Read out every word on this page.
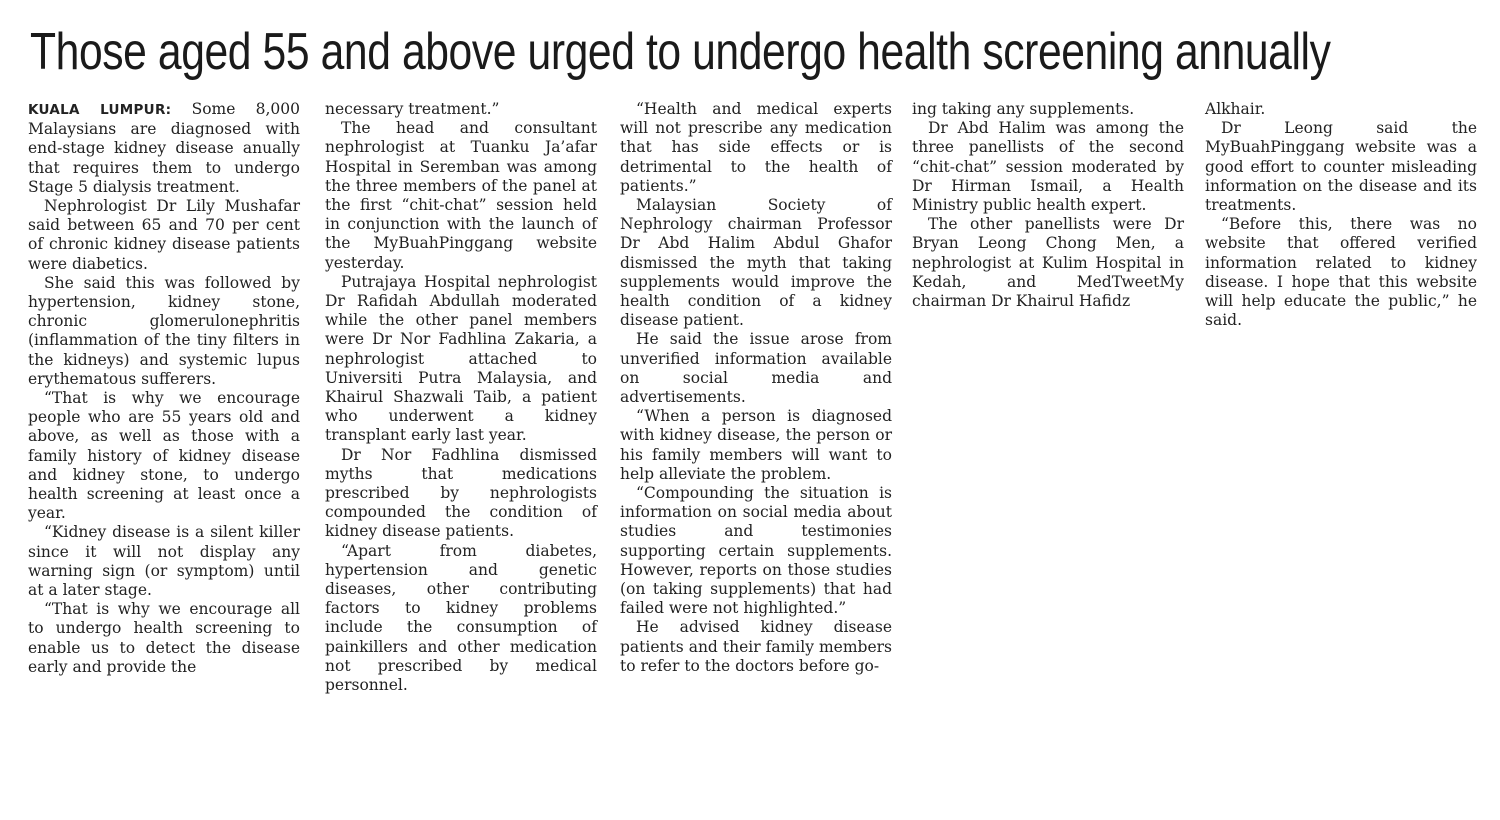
Those aged 55 and above urged to undergo health screening annually

KUALA LUMPUR: Some 8,000 Malaysians are diagnosed with end-stage kidney disease anually that requires them to undergo Stage 5 dialysis treatment.

Nephrologist Dr Lily Mushafar said between 65 and 70 per cent of chronic kidney disease patients were diabetics.

She said this was followed by hypertension, kidney stone, chronic glomerulonephritis (inflammation of the tiny filters in the kidneys) and systemic lupus erythematous sufferers.

“That is why we encourage people who are 55 years old and above, as well as those with a family history of kidney disease and kidney stone, to undergo health screening at least once a year.

“Kidney disease is a silent killer since it will not display any warning sign (or symptom) until at a later stage.

“That is why we encourage all to undergo health screening to enable us to detect the disease early and provide the

necessary treatment.”

The head and consultant nephrologist at Tuanku Ja’afar Hospital in Seremban was among the three members of the panel at the first “chit-chat” session held in conjunction with the launch of the MyBuahPinggang website yesterday.

Putrajaya Hospital nephrologist Dr Rafidah Abdullah moderated while the other panel members were Dr Nor Fadhlina Zakaria, a nephrologist attached to Universiti Putra Malaysia, and Khairul Shazwali Taib, a patient who underwent a kidney transplant early last year.

Dr Nor Fadhlina dismissed myths that medications prescribed by nephrologists compounded the condition of kidney disease patients.

“Apart from diabetes, hypertension and genetic diseases, other contributing factors to kidney problems include the consumption of painkillers and other medication not prescribed by medical personnel.

“Health and medical experts will not prescribe any medication that has side effects or is detrimental to the health of patients.”

Malaysian Society of Nephrology chairman Professor Dr Abd Halim Abdul Ghafor dismissed the myth that taking supplements would improve the health condition of a kidney disease patient.

He said the issue arose from unverified information available on social media and advertisements.

“When a person is diagnosed with kidney disease, the person or his family members will want to help alleviate the problem.

“Compounding the situation is information on social media about studies and testimonies supporting certain supplements. However, reports on those studies (on taking supplements) that had failed were not highlighted.”

He advised kidney disease patients and their family members to refer to the doctors before go-

ing taking any supplements.

Dr Abd Halim was among the three panellists of the second “chit-chat” session moderated by Dr Hirman Ismail, a Health Ministry public health expert.

The other panellists were Dr Bryan Leong Chong Men, a nephrologist at Kulim Hospital in Kedah, and MedTweetMy chairman Dr Khairul Hafidz

Alkhair.

Dr Leong said the MyBuahPinggang website was a good effort to counter misleading information on the disease and its treatments.

“Before this, there was no website that offered verified information related to kidney disease. I hope that this website will help educate the public,” he said.
